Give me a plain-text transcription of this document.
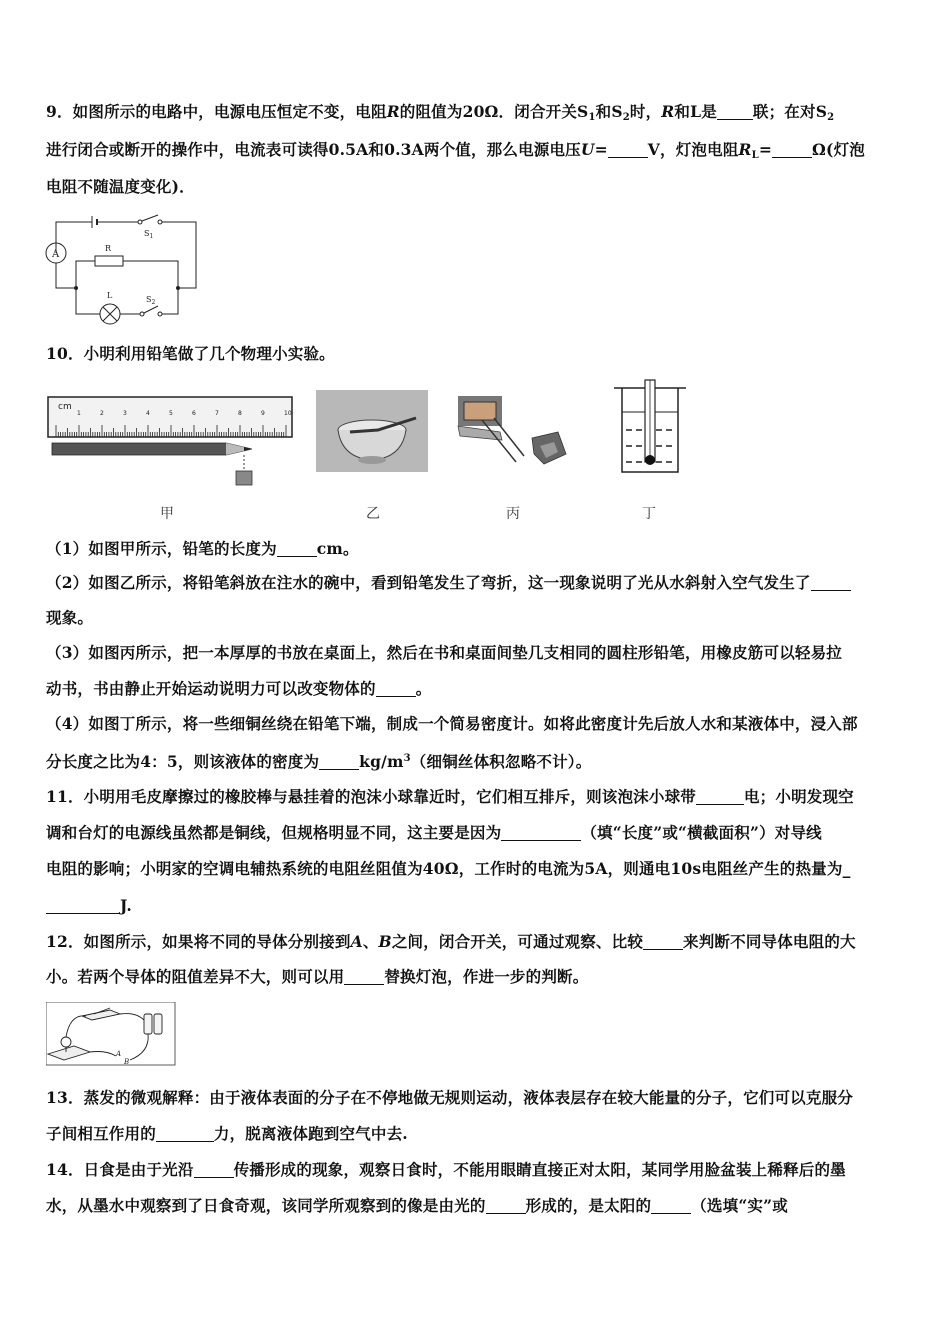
9．如图所示的电路中，电源电压恒定不变，电阻R的阻值为20Ω．闭合开关$S_1$和$S_2$时，R和L是 联；在对$S_2$
进行闭合或断开的操作中，电流表可读得0.5A和0.3A两个值，那么电源电压U=	V，灯泡电阻$R_L=$	Ω(灯泡
电阻不随温度变化)．
A
R
$S_1$
L	$S_2$
10．小明利用铅笔做了几个物理小实验。
cm
1	2	3	4	5	6	7	8	9	10
甲	乙	丙	丁
（1）如图甲所示，铅笔的长度为	cm。
（2）如图乙所示，将铅笔斜放在注水的碗中，看到铅笔发生了弯折，这一现象说明了光从水斜射入空气发生了
现象。
（3）如图丙所示，把一本厚厚的书放在桌面上，然后在书和桌面间垫几支相同的圆柱形铅笔，用橡皮筋可以轻易拉
动书，书由静止开始运动说明力可以改变物体的	。
（4）如图丁所示，将一些细铜丝绕在铅笔下端，制成一个简易密度计。如将此密度计先后放人水和某液体中，浸入部
分长度之比为4：5，则该液体的密度为	$kg/m^3$（细铜丝体积忽略不计）。
11．小明用毛皮摩擦过的橡胶棒与悬挂着的泡沫小球靠近时，它们相互排斥，则该泡沫小球带	电；小明发现空
调和台灯的电源线虽然都是铜线，但规格明显不同，这主要是因为	（填“长度”或“横截面积”）对导线
电阻的影响；小明家的空调电辅热系统的电阻丝阻值为40Ω，工作时的电流为5A，则通电10s电阻丝产生的热量为_
J.
12．如图所示，如果将不同的导体分别接到A、B之间，闭合开关，可通过观察、比较	来判断不同导体电阻的大
小。若两个导体的阻值差异不大，则可以用	替换灯泡，作进一步的判断。
A
B
13．蒸发的微观解释：由于液体表面的分子在不停地做无规则运动，液体表层存在较大能量的分子，它们可以克服分
子间相互作用的	力，脱离液体跑到空气中去.
14．日食是由于光沿	传播形成的现象，观察日食时，不能用眼睛直接正对太阳，某同学用脸盆装上稀释后的墨
水，从墨水中观察到了日食奇观，该同学所观察到的像是由光的	形成的，是太阳的	（选填“实”或
